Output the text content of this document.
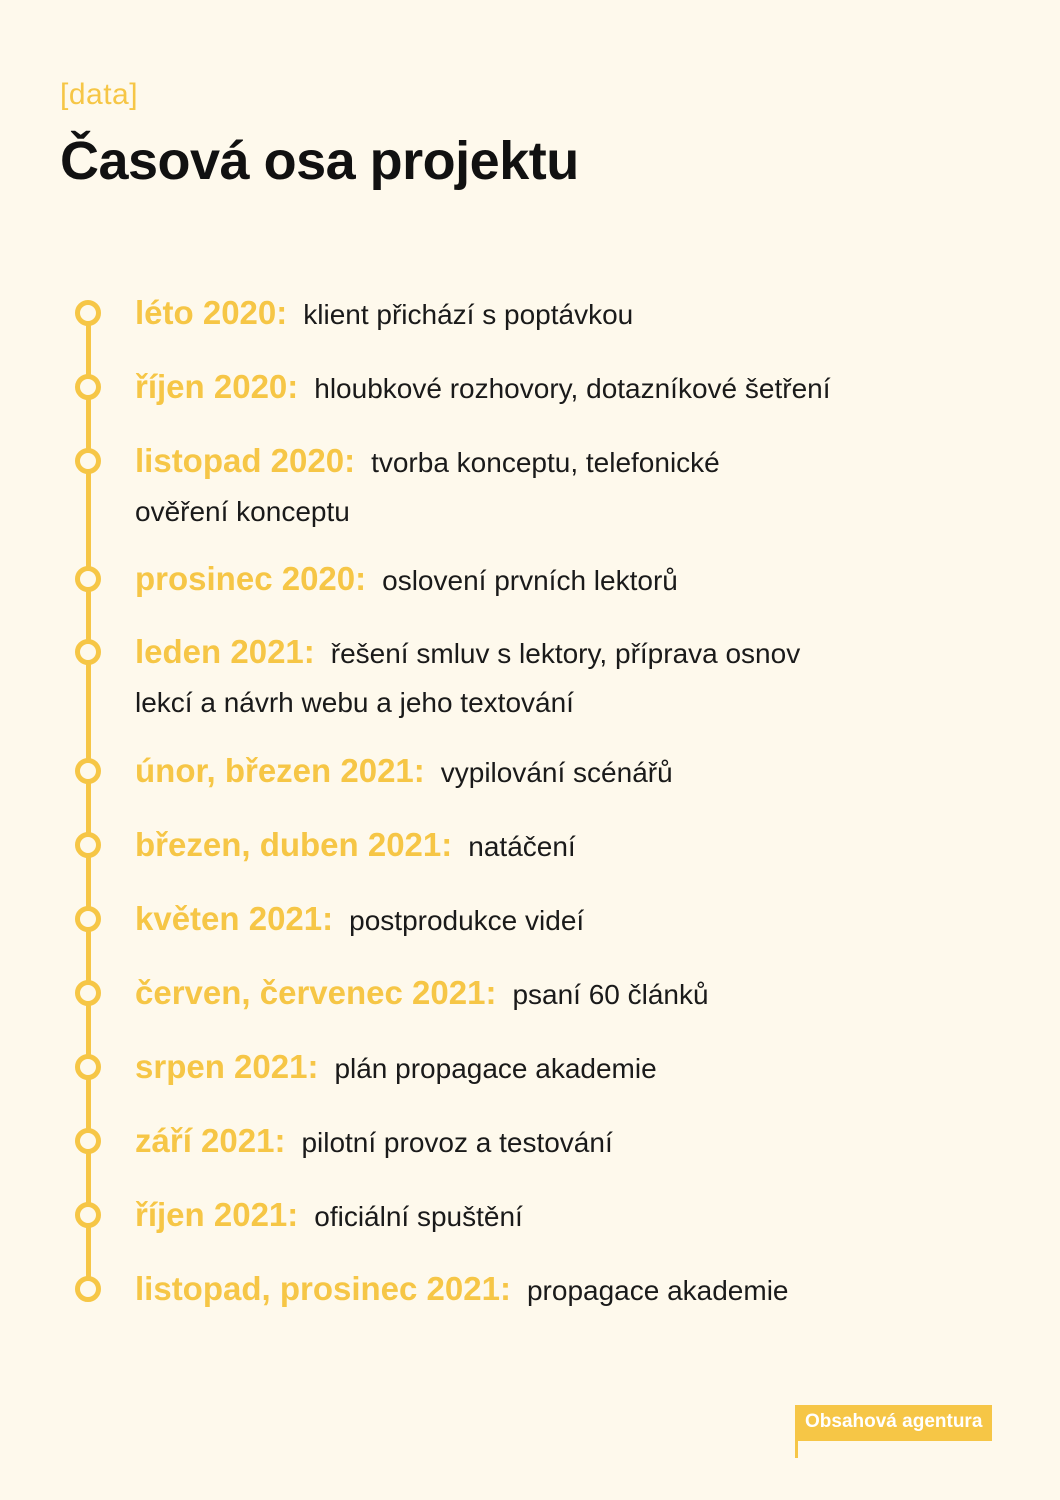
[data]

Časová osa projektu
léto 2020: klient přichází s poptávkou
říjen 2020: hloubkové rozhovory, dotazníkové šetření
listopad 2020: tvorba konceptu, telefonické ověření konceptu
prosinec 2020: oslovení prvních lektorů
leden 2021: řešení smluv s lektory, příprava osnov lekcí a návrh webu a jeho textování
únor, březen 2021: vypilování scénářů
březen, duben 2021: natáčení
květen 2021: postprodukce videí
červen, červenec 2021: psaní 60 článků
srpen 2021: plán propagace akademie
září 2021: pilotní provoz a testování
říjen 2021: oficiální spuštění
listopad, prosinec 2021: propagace akademie
Obsahová agentura
